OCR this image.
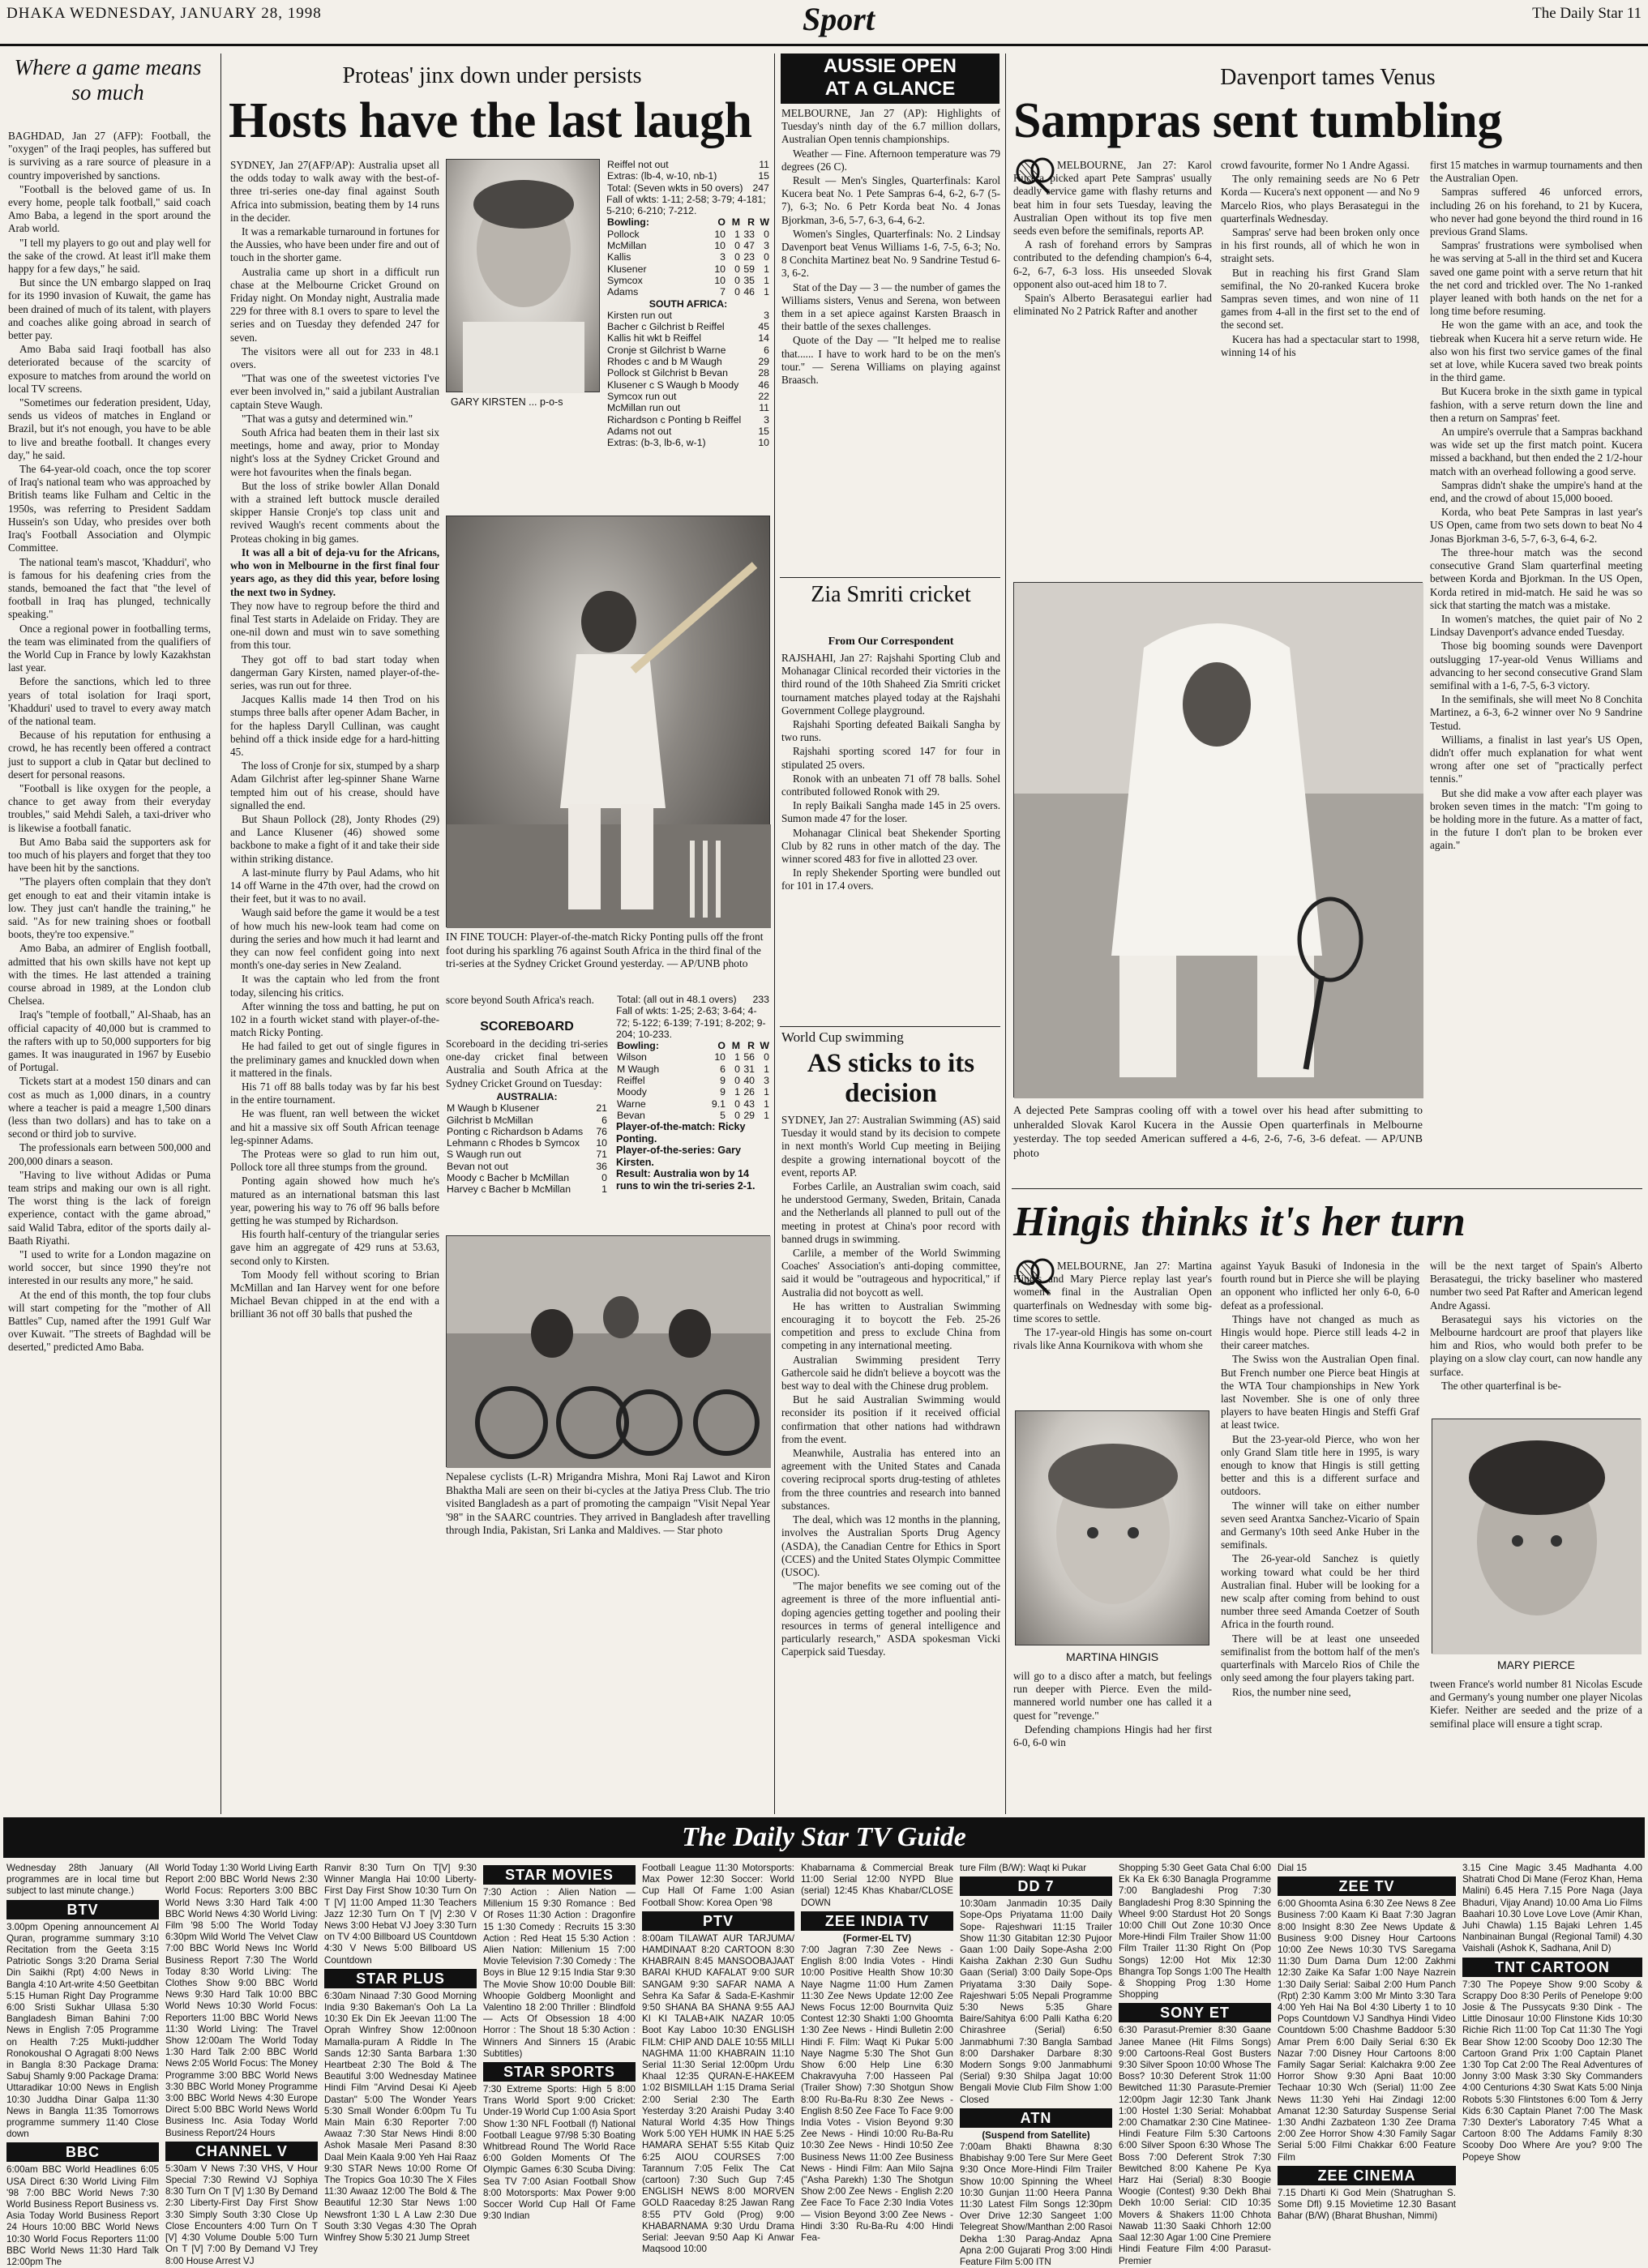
DHAKA WEDNESDAY, JANUARY 28, 1998	Sport	The Daily Star 11
Where a game means so much

BAGHDAD, Jan 27 (AFP): Football, the "oxygen" of the Iraqi peoples, has suffered but is surviving as a rare source of pleasure in a country impoverished by sanctions.

"Football is the beloved game of us. In every home, people talk football," said coach Amo Baba, a legend in the sport around the Arab world.

"I tell my players to go out and play well for the sake of the crowd. At least it'll make them happy for a few days," he said.

But since the UN embargo slapped on Iraq for its 1990 invasion of Kuwait, the game has been drained of much of its talent, with players and coaches alike going abroad in search of better pay.

Amo Baba said Iraqi football has also deteriorated because of the scarcity of exposure to matches from around the world on local TV screens.

"Sometimes our federation president, Uday, sends us videos of matches in England or Brazil, but it's not enough, you have to be able to live and breathe football. It changes every day," he said.

The 64-year-old coach, once the top scorer of Iraq's national team who was approached by British teams like Fulham and Celtic in the 1950s, was referring to President Saddam Hussein's son Uday, who presides over both Iraq's Football Association and Olympic Committee.

The national team's mascot, 'Khadduri', who is famous for his deafening cries from the stands, bemoaned the fact that "the level of football in Iraq has plunged, technically speaking."

Once a regional power in footballing terms, the team was eliminated from the qualifiers of the World Cup in France by lowly Kazakhstan last year.

Before the sanctions, which led to three years of total isolation for Iraqi sport, 'Khadduri' used to travel to every away match of the national team.

Because of his reputation for enthusing a crowd, he has recently been offered a contract just to support a club in Qatar but declined to desert for personal reasons.

"Football is like oxygen for the people, a chance to get away from their everyday troubles," said Mehdi Saleh, a taxi-driver who is likewise a football fanatic.

But Amo Baba said the supporters ask for too much of his players and forget that they too have been hit by the sanctions.

"The players often complain that they don't get enough to eat and their vitamin intake is low. They just can't handle the training," he said. "As for new training shoes or football boots, they're too expensive."

Amo Baba, an admirer of English football, admitted that his own skills have not kept up with the times. He last attended a training course abroad in 1989, at the London club Chelsea.

Iraq's "temple of football," Al-Shaab, has an official capacity of 40,000 but is crammed to the rafters with up to 50,000 supporters for big games. It was inaugurated in 1967 by Eusebio of Portugal.

Tickets start at a modest 150 dinars and can cost as much as 1,000 dinars, in a country where a teacher is paid a meagre 1,500 dinars (less than two dollars) and has to take on a second or third job to survive.

The professionals earn between 500,000 and 200,000 dinars a season.

"Having to live without Adidas or Puma team strips and making our own is all right. The worst thing is the lack of foreign experience, contact with the game abroad," said Walid Tabra, editor of the sports daily al-Baath Riyathi.

"I used to write for a London magazine on world soccer, but since 1990 they're not interested in our results any more," he said.

At the end of this month, the top four clubs will start competing for the "mother of All Battles" Cup, named after the 1991 Gulf War over Kuwait. "The streets of Baghdad will be deserted," predicted Amo Baba.

Proteas' jinx down under persists
Hosts have the last laugh
GARY KIRSTEN ... p-o-s

SYDNEY, Jan 27(AFP/AP): Australia upset all the odds today to walk away with the best-of-three tri-series one-day final against South Africa into submission, beating them by 14 runs in the decider.

It was a remarkable turnaround in fortunes for the Aussies, who have been under fire and out of touch in the shorter game.

Australia came up short in a difficult run chase at the Melbourne Cricket Ground on Friday night. On Monday night, Australia made 229 for three with 8.1 overs to spare to level the series and on Tuesday they defended 247 for seven.

The visitors were all out for 233 in 48.1 overs.

"That was one of the sweetest victories I've ever been involved in," said a jubilant Australian captain Steve Waugh.

"That was a gutsy and determined win."

South Africa had beaten them in their last six meetings, home and away, prior to Monday night's loss at the Sydney Cricket Ground and were hot favourites when the finals began.

But the loss of strike bowler Allan Donald with a strained left buttock muscle derailed skipper Hansie Cronje's top class unit and revived Waugh's recent comments about the Proteas choking in big games.

It was all a bit of deja-vu for the Africans, who won in Melbourne in the first final four years ago, as they did this year, before losing the next two in Sydney.

They now have to regroup before the third and final Test starts in Adelaide on Friday. They are one-nil down and must win to save something from this tour.

They got off to bad start today when dangerman Gary Kirsten, named player-of-the-series, was run out for three.

Jacques Kallis made 14 then Trod on his stumps three balls after opener Adam Bacher, in for the hapless Daryll Cullinan, was caught behind off a thick inside edge for a hard-hitting 45.

The loss of Cronje for six, stumped by a sharp Adam Gilchrist after leg-spinner Shane Warne tempted him out of his crease, should have signalled the end.

But Shaun Pollock (28), Jonty Rhodes (29) and Lance Klusener (46) showed some backbone to make a fight of it and take their side within striking distance.

A last-minute flurry by Paul Adams, who hit 14 off Warne in the 47th over, had the crowd on their feet, but it was to no avail.

Waugh said before the game it would be a test of how much his new-look team had come on during the series and how much it had learnt and they can now feel confident going into next month's one-day series in New Zealand.

It was the captain who led from the front today, silencing his critics.

After winning the toss and batting, he put on 102 in a fourth wicket stand with player-of-the-match Ricky Ponting.

He had failed to get out of single figures in the preliminary games and knuckled down when it mattered in the finals.

His 71 off 88 balls today was by far his best in the entire tournament.

He was fluent, ran well between the wicket and hit a massive six off South African teenage leg-spinner Adams.

The Proteas were so glad to run him out, Pollock tore all three stumps from the ground.

Ponting again showed how much he's matured as an international batsman this last year, powering his way to 76 off 96 balls before getting he was stumped by Richardson.

His fourth half-century of the triangular series gave him an aggregate of 429 runs at 53.63, second only to Kirsten.

Tom Moody fell without scoring to Brian McMillan and Ian Harvey went for one before Michael Bevan chipped in at the end with a brilliant 36 not off 30 balls that pushed the

Reiffel not out	11
Extras: (lb-4, w-10, nb-1)	15
Total: (Seven wkts in 50 overs)	247
Fall of wkts: 1-11; 2-58; 3-79; 4-181; 5-210; 6-210; 7-212.
Bowling:	O	M	R	W
Pollock	10	1	33	0
McMillan	10	0	47	3
Kallis	3	0	23	0
Klusener	10	0	59	1
Symcox	10	0	35	1
Adams	7	0	46	1
SOUTH AFRICA:
Kirsten run out	3
Bacher c Gilchrist b Reiffel	45
Kallis hit wkt b Reiffel	14
Cronje st Gilchrist b Warne	6
Rhodes c and b M Waugh	29
Pollock st Gilchrist b Bevan	28
Klusener c S Waugh b Moody	46
Symcox run out	22
McMillan run out	11
Richardson c Ponting b Reiffel	3
Adams not out	15
Extras: (b-3, lb-6, w-1)	10
IN FINE TOUCH: Player-of-the-match Ricky Ponting pulls off the front foot during his sparkling 76 against South Africa in the third final of the tri-series at the Sydney Cricket Ground yesterday. — AP/UNB photo

score beyond South Africa's reach.

SCOREBOARD
Scoreboard in the deciding tri-series one-day cricket final between Australia and South Africa at the Sydney Cricket Ground on Tuesday:
AUSTRALIA:
M Waugh b Klusener	21
Gilchrist b McMillan	6
Ponting c Richardson b Adams	76
Lehmann c Rhodes b Symcox	10
S Waugh run out	71
Bevan not out	36
Moody c Bacher b McMillan	0
Harvey c Bacher b McMillan	1
Total: (all out in 48.1 overs)	233
Fall of wkts: 1-25; 2-63; 3-64; 4-72; 5-122; 6-139; 7-191; 8-202; 9-204; 10-233.
Bowling:	O	M	R	W
Wilson	10	1	56	0
M Waugh	6	0	31	1
Reiffel	9	0	40	3
Moody	9	1	26	1
Warne	9.1	0	43	1
Bevan	5	0	29	1
Player-of-the-match: Ricky Ponting.
Player-of-the-series: Gary Kirsten.
Result: Australia won by 14 runs to win the tri-series 2-1.
Nepalese cyclists (L-R) Mrigandra Mishra, Moni Raj Lawot and Kiron Bhaktha Mali are seen on their bi-cycles at the Jatiya Press Club. The trio visited Bangladesh as a part of promoting the campaign "Visit Nepal Year '98" in the SAARC countries. They arrived in Bangladesh after travelling through India, Pakistan, Sri Lanka and Maldives. — Star photo
AUSSIE OPEN
AT A GLANCE

MELBOURNE, Jan 27 (AP): Highlights of Tuesday's ninth day of the 6.7 million dollars, Australian Open tennis championships.

Weather — Fine. Afternoon temperature was 79 degrees (26 C).

Result — Men's Singles, Quarterfinals: Karol Kucera beat No. 1 Pete Sampras 6-4, 6-2, 6-7 (5-7), 6-3; No. 6 Petr Korda beat No. 4 Jonas Bjorkman, 3-6, 5-7, 6-3, 6-4, 6-2.

Women's Singles, Quarterfinals: No. 2 Lindsay Davenport beat Venus Williams 1-6, 7-5, 6-3; No. 8 Conchita Martinez beat No. 9 Sandrine Testud 6-3, 6-2.

Stat of the Day — 3 — the number of games the Williams sisters, Venus and Serena, won between them in a set apiece against Karsten Braasch in their battle of the sexes challenges.

Quote of the Day — "It helped me to realise that...... I have to work hard to be on the men's tour." — Serena Williams on playing against Braasch.

Zia Smriti cricket
From Our Correspondent

RAJSHAHI, Jan 27: Rajshahi Sporting Club and Mohanagar Clinical recorded their victories in the third round of the 10th Shaheed Zia Smriti cricket tournament matches played today at the Rajshahi Government College playground.

Rajshahi Sporting defeated Baikali Sangha by two runs.

Rajshahi sporting scored 147 for four in stipulated 25 overs.

Ronok with an unbeaten 71 off 78 balls. Sohel contributed followed Ronok with 29.

In reply Baikali Sangha made 145 in 25 overs. Sumon made 47 for the loser.

Mohanagar Clinical beat Shekender Sporting Club by 82 runs in other match of the day. The winner scored 483 for five in allotted 23 over.

In reply Shekender Sporting were bundled out for 101 in 17.4 overs.

World Cup swimming
AS sticks to its decision

SYDNEY, Jan 27: Australian Swimming (AS) said Tuesday it would stand by its decision to compete in next month's World Cup meeting in Beijing despite a growing international boycott of the event, reports AP.

Forbes Carlile, an Australian swim coach, said he understood Germany, Sweden, Britain, Canada and the Netherlands all planned to pull out of the meeting in protest at China's poor record with banned drugs in swimming.

Carlile, a member of the World Swimming Coaches' Association's anti-doping committee, said it would be "outrageous and hypocritical," if Australia did not boycott as well.

He has written to Australian Swimming encouraging it to boycott the Feb. 25-26 competition and press to exclude China from competing in any international meeting.

Australian Swimming president Terry Gathercole said he didn't believe a boycott was the best way to deal with the Chinese drug problem.

But he said Australian Swimming would reconsider its position if it received official confirmation that other nations had withdrawn from the event.

Meanwhile, Australia has entered into an agreement with the United States and Canada covering reciprocal sports drug-testing of athletes from the three countries and research into banned substances.

The deal, which was 12 months in the planning, involves the Australian Sports Drug Agency (ASDA), the Canadian Centre for Ethics in Sport (CCES) and the United States Olympic Committee (USOC).

"The major benefits we see coming out of the agreement is three of the more influential anti-doping agencies getting together and pooling their resources in terms of general intelligence and particularly research," ASDA spokesman Vicki Caperpick said Tuesday.

Davenport tames Venus
Sampras sent tumbling

MELBOURNE, Jan 27: Karol Kucera picked apart Pete Sampras' usually deadly service game with flashy returns and beat him in four sets Tuesday, leaving the Australian Open without its top five men seeds even before the semifinals, reports AP.

A rash of forehand errors by Sampras contributed to the defending champion's 6-4, 6-2, 6-7, 6-3 loss. His unseeded Slovak opponent also out-aced him 18 to 7.

Spain's Alberto Berasategui earlier had eliminated No 2 Patrick Rafter and another

crowd favourite, former No 1 Andre Agassi.

The only remaining seeds are No 6 Petr Korda — Kucera's next opponent — and No 9 Marcelo Rios, who plays Berasategui in the quarterfinals Wednesday.

Sampras' serve had been broken only once in his first rounds, all of which he won in straight sets.

But in reaching his first Grand Slam semifinal, the No 20-ranked Kucera broke Sampras seven times, and won nine of 11 games from 4-all in the first set to the end of the second set.

Kucera has had a spectacular start to 1998, winning 14 of his

first 15 matches in warmup tournaments and then the Australian Open.

Sampras suffered 46 unforced errors, including 26 on his forehand, to 21 by Kucera, who never had gone beyond the third round in 16 previous Grand Slams.

Sampras' frustrations were symbolised when he was serving at 5-all in the third set and Kucera saved one game point with a serve return that hit the net cord and trickled over. The No 1-ranked player leaned with both hands on the net for a long time before resuming.

He won the game with an ace, and took the tiebreak when Kucera hit a serve return wide. He also won his first two service games of the final set at love, while Kucera saved two break points in the third game.

But Kucera broke in the sixth game in typical fashion, with a serve return down the line and then a return on Sampras' feet.

An umpire's overrule that a Sampras backhand was wide set up the first match point. Kucera missed a backhand, but then ended the 2 1/2-hour match with an overhead following a good serve.

Sampras didn't shake the umpire's hand at the end, and the crowd of about 15,000 booed.

Korda, who beat Pete Sampras in last year's US Open, came from two sets down to beat No 4 Jonas Bjorkman 3-6, 5-7, 6-3, 6-4, 6-2.

The three-hour match was the second consecutive Grand Slam quarterfinal meeting between Korda and Bjorkman. In the US Open, Korda retired in mid-match. He said he was so sick that starting the match was a mistake.

In women's matches, the quiet pair of No 2 Lindsay Davenport's advance ended Tuesday.

Those big booming sounds were Davenport outslugging 17-year-old Venus Williams and advancing to her second consecutive Grand Slam semifinal with a 1-6, 7-5, 6-3 victory.

In the semifinals, she will meet No 8 Conchita Martinez, a 6-3, 6-2 winner over No 9 Sandrine Testud.

Williams, a finalist in last year's US Open, didn't offer much explanation for what went wrong after one set of "practically perfect tennis."

But she did make a vow after each player was broken seven times in the match: "I'm going to be holding more in the future. As a matter of fact, in the future I don't plan to be broken ever again."

A dejected Pete Sampras cooling off with a towel over his head after submitting to unheralded Slovak Karol Kucera in the Aussie Open quarterfinals in Melbourne yesterday. The top seeded American suffered a 4-6, 2-6, 7-6, 3-6 defeat. — AP/UNB photo
Hingis thinks it's her turn

MELBOURNE, Jan 27: Martina Hingis and Mary Pierce replay last year's women's final in the Australian Open quarterfinals on Wednesday with some big-time scores to settle.

The 17-year-old Hingis has some on-court rivals like Anna Kournikova with whom she

MARTINA HINGIS

will go to a disco after a match, but feelings run deeper with Pierce. Even the mild-mannered world number one has called it a quest for "revenge."

Defending champions Hingis had her first 6-0, 6-0 win

against Yayuk Basuki of Indonesia in the fourth round but in Pierce she will be playing an opponent who inflicted her only 6-0, 6-0 defeat as a professional.

Things have not changed as much as Hingis would hope. Pierce still leads 4-2 in their career matches.

The Swiss won the Australian Open final. But French number one Pierce beat Hingis at the WTA Tour championships in New York last November. She is one of only three players to have beaten Hingis and Steffi Graf at least twice.

But the 23-year-old Pierce, who won her only Grand Slam title here in 1995, is wary enough to know that Hingis is still getting better and this is a different surface and outdoors.

The winner will take on either number seven seed Arantxa Sanchez-Vicario of Spain and Germany's 10th seed Anke Huber in the semifinals.

The 26-year-old Sanchez is quietly working toward what could be her third Australian final. Huber will be looking for a new scalp after coming from behind to oust number three seed Amanda Coetzer of South Africa in the fourth round.

There will be at least one unseeded semifinalist from the bottom half of the men's quarterfinals with Marcelo Rios of Chile the only seed among the four players taking part.

Rios, the number nine seed,

will be the next target of Spain's Alberto Berasategui, the tricky baseliner who mastered number two seed Pat Rafter and American legend Andre Agassi.

Berasategui says his victories on the Melbourne hardcourt are proof that players like him and Rios, who would both prefer to be playing on a slow clay court, can now handle any surface.

The other quarterfinal is be-

MARY PIERCE

tween France's world number 81 Nicolas Escude and Germany's young number one player Nicolas Kiefer. Neither are seeded and the prize of a semifinal place will ensure a tight scrap.

The Daily Star TV Guide
Wednesday 28th January (All programmes are in local time but subject to last minute change.)
BTV
3.00pm Opening announcement Al Quran, programme summary 3:10 Recitation from the Geeta 3:15 Patriotic Songs 3:20 Drama Serial Din Saikhi (Rpt) 4:00 News in Bangla 4:10 Art-write 4:50 Geetbitan 5:15 Human Right Day Programme 6:00 Sristi Sukhar Ullasa 5:30 Bangladesh Biman Bahini 7:00 News in English 7:05 Programme on Health 7:25 Mukti-juddher Ronokoushal O Agragati 8:00 News in Bangla 8:30 Package Drama: Sabuj Shamly 9:00 Package Drama: Uttaradikar 10:00 News in English 10:30 Juddha Dinar Galpa 11:30 News in Bangla 11:35 Tomorrows programme summery 11:40 Close down
BBC
6:00am BBC World Headlines 6:05 USA Direct 6:30 World Living Film '98 7:00 BBC World News 7:30 World Business Report Business vs. Asia Today World Business Report 24 Hours 10:00 BBC World News 10:30 World Focus Reporters 11:00 BBC World News 11:30 Hard Talk 12:00pm The
World Today 1:30 World Living Earth Report 2:00 BBC World News 2:30 World Focus: Reporters 3:00 BBC World News 3:30 Hard Talk 4:00 BBC World News 4:30 World Living: Film '98 5:00 The World Today 6:30pm Wild World The Velvet Claw 7:00 BBC World News Inc World Business Report 7:30 The World Today 8:30 World Living: The Clothes Show 9:00 BBC World News 9:30 Hard Talk 10:00 BBC World News 10:30 World Focus: Reporters 11:00 BBC World News 11:30 World Living: The Travel Show 12:00am The World Today 1:30 Hard Talk 2:00 BBC World News 2:05 World Focus: The Money Programme 3:00 BBC World News 3:30 BBC World Money Programme 3:00 BBC World News 4:30 Europe Direct 5:00 BBC World News World Business Inc. Asia Today World Business Report/24 Hours
CHANNEL V
5:30am V News 7:30 VHS, V Hour Special 7:30 Rewind VJ Sophiya 8:30 Turn On T [V] 1:30 By Demand 2:30 Liberty-First Day First Show 3:30 Simply South 3:30 Close Up Close Encounters 4:00 Turn On T [V] 4:30 Volume Double 5:00 Turn On T [V] 7:00 By Demand VJ Trey 8:00 House Arrest VJ
Ranvir 8:30 Turn On T[V] 9:30 Winner Mangla Hai 10:00 Liberty-First Day First Show 10:30 Turn On T [V] 11:00 Amped 11:30 Teachers Jazz 12:30 Turn On T [V] 2:30 V News 3:00 Hebat VJ Joey 3:30 Turn on TV 4:00 Billboard US Countdown 4:30 V News 5:00 Billboard US Countdown
STAR PLUS
6:30am Ninaad 7:30 Good Morning India 9:30 Bakeman's Ooh La La 10:30 Ek Din Ek Jeevan 11:00 The Oprah Winfrey Show 12:00noon Mamalla-puram A Riddle In The Sands 12:30 Santa Barbara 1:30 Heartbeat 2:30 The Bold & The Beautiful 3:00 Wednesday Matinee Hindi Film "Arvind Desai Ki Ajeeb Dastan" 5:00 The Wonder Years 5:30 Small Wonder 6:00pm Tu Tu Main Main 6:30 Reporter 7:00 Awaaz 7:30 Star News Hindi 8:00 Ashok Masale Meri Pasand 8:30 Daal Mein Kaala 9:00 Yeh Hai Raaz 9:30 STAR News 10:00 Rome Of The Tropics Goa 10:30 The X Files 11:30 Awaaz 12:00 The Bold & The Beautiful 12:30 Star News 1:00 Newsfront 1:30 L A Law 2:30 Due South 3:30 Vegas 4:30 The Oprah Winfrey Show 5:30 21 Jump Street
STAR MOVIES
7:30 Action : Alien Nation — Millenium 15 9:30 Romance : Bed Of Roses 11:30 Action : Dragonfire 15 1:30 Comedy : Recruits 15 3:30 Action : Red Heat 15 5:30 Action : Alien Nation: Millenium 15 7:00 Movie Television 7:30 Comedy : The Boys in Blue 12 9:15 India Star 9:30 The Movie Show 10:00 Double Bill: Whoopie Goldberg Moonlight and Valentino 18 2:00 Thriller : Blindfold — Acts Of Obsession 18 4:00 Horror : The Shout 18 5:30 Action : Winners And Sinners 15 (Arabic Subtitles)
STAR SPORTS
7:30 Extreme Sports: High 5 8:00 Trans World Sport 9:00 Cricket: Under-19 World Cup 1:00 Asia Sport Show 1:30 NFL Football (f) National Football League 97/98 5:30 Boating Whitbread Round The World Race 6:00 Golden Moments Of The Olympic Games 6:30 Scuba Diving: Sea TV 7:00 Asian Football Show 8:00 Motorsports: Max Power 9:00 Soccer World Cup Hall Of Fame 9:30 Indian
Football League 11:30 Motorsports: Max Power 12:30 Soccer: World Cup Hall Of Fame 1:00 Asian Football Show: Korea Open '98
PTV
8:00am TILAWAT AUR TARJUMA/ HAMDINAAT 8:20 CARTOON 8:30 KHABRAIN 8:45 MANSOOBAJAAT BARAI KHUD KAFALAT 9:00 SUR SANGAM 9:30 SAFAR NAMA A Sehra Ka Safar & Sada-E-Kashmir 9:50 SHANA BA SHANA 9:55 AAJ KI KI TALAB+AIK NAZAR 10:05 Boot Kay Laboo 10:30 ENGLISH FILM: CHIP AND DALE 10:55 MILLI NAGHMA 11:00 KHABRAIN 11:10 Serial 11:30 Serial 12:00pm Urdu Khaal 12:35 QURAN-E-HAKEEM 1:02 BISMILLAH 1:15 Drama Serial 2:00 Serial 2:30 The Earth Yesterday 3:20 Araishi Puday 3:40 Natural World 4:35 How Things Work 5:00 YEH HUMK IN HAE 5:25 HAMARA SEHAT 5:55 Kitab Quiz 6:25 AIOU COURSES 7:00 Tarannum 7:05 Felix The Cat (cartoon) 7:30 Such Gup 7:45 ENGLISH NEWS 8:00 MORVEN GOLD Raaceday 8:25 Jawan Rang 8:55 PTV Gold (Prog) 9:00 KHABARNAMA 9:30 Urdu Drama Serial: Jeevan 9:50 Aap Ki Anwar Maqsood 10:00
Khabarnama & Commercial Break 11:00 Serial 12:00 NYPD Blue (serial) 12:45 Khas Khabar/CLOSE DOWN
ZEE INDIA TV
(Former-EL TV)
7:00 Jagran 7:30 Zee News - English 8:00 India Votes - Hindi 10:00 Positive Health Show 10:30 Naye Nagme 11:00 Hum Zamen 11:30 Zee News Update 12:00 Zee News Focus 12:00 Bournvita Quiz Contest 12:30 Shakti 1:00 Ghoomta 1:30 Zee News - Hindi Bulletin 2:00 Hindi F. Film: Waqt Ki Pukar 5:00 Naye Nagme 5:30 The Shot Gun Show 6:00 Help Line 6:30 Chakravyuha 7:00 Hasseen Pal (Trailer Show) 7:30 Shotgun Show 8:00 Ru-Ba-Ru 8:30 Zee News - English 8:50 Zee Face To Face 9:00 India Votes - Vision Beyond 9:30 Zee News - Hindi 10:00 Ru-Ba-Ru 10:30 Zee News - Hindi 10:50 Zee Business News 11:00 Zee Business News - Hindi Film: Aan Milo Sajna ("Asha Parekh) 1:30 The Shotgun Show 2:00 Zee News - English 2:20 Zee Face To Face 2:30 India Votes — Vision Beyond 3:00 Zee News - Hindi 3:30 Ru-Ba-Ru 4:00 Hindi Fea-
ture Film (B/W): Waqt ki Pukar
DD 7
10:30am Janmadin 10:35 Daily Sope-Ops Priyatama 11:00 Daily Sope- Rajeshwari 11:15 Trailer Show 11:30 Gitabitan 12:30 Pujoor Gaan 1:00 Daily Sope-Asha 2:00 Kaisha Zakhan 2:30 Gun Sudhu Gaan (Serial) 3:00 Daily Sope-Ops Priyatama 3:30 Daily Sope-Rajeshwari 5:05 Nepali Programme 5:30 News 5:35 Ghare Baire/Sahitya 6:00 Palli Katha 6:20 Chirashree (Serial) 6:50 Janmabhumi 7:30 Bangla Sambad 8:00 Darshaker Darbare 8:30 Modern Songs 9:00 Janmabhumi (Serial) 9:30 Shilpa Jagat 10:00 Bengali Movie Club Film Show 1:00 Closed
ATN
(Suspend from Satellite)
7:00am Bhakti Bhawna 8:30 Bhabishay 9:00 Tere Sur Mere Geet 9:30 Once More-Hindi Film Trailer Show 10:00 Spinning the Wheel 10:30 Gunjan 11:00 Heera Panna 11:30 Latest Film Songs 12:30pm Over Drive 12:30 Sangeet 1:00 Telegreat Show/Manthan 2:00 Rasoi Dekha 1:30 Parag-Andaz Apna Apna 2:00 Gujarati Prog 3:00 Hindi Feature Film 5:00 ITN
Shopping 5:30 Geet Gata Chal 6:00 Ek Ka Ek 6:30 Banagla Programme 7:00 Bangladeshi Prog 7:30 Bangladeshi Prog 8:30 Spinning the Wheel 9:00 Stardust Hot 20 Songs 10:00 Chill Out Zone 10:30 Once More-Hindi Film Trailer Show 11:00 Film Trailer 11:30 Right On (Pop Songs) 12:00 Hot Mix 12:30 Bhangra Top Songs 1:00 The Health & Shopping Prog 1:30 Home Shopping
SONY ET
6:30 Parasut-Premier 8:30 Gaane Janee Manee (Hit Films Songs) 9:00 Cartoons-Real Gost Busters 9:30 Silver Spoon 10:00 Whose The Boss? 10:30 Deferent Strok 11:00 Bewitched 11:30 Parasute-Premier 12:00pm Jagir 12:30 Tank Jhank 1:00 Hostel 1:30 Serial: Mohabbat 2:00 Chamatkar 2:30 Cine Matinee-Hindi Feature Film 5:30 Cartoons 6:00 Silver Spoon 6:30 Whose The Boss 7:00 Deferent Strok 7:30 Bewitched 8:00 Kahene Pe Kya Harz Hai (Serial) 8:30 Boogie Woogie (Contest) 9:30 Dekh Bhai Dekh 10:00 Serial: CID 10:35 Movers & Shakers 11:00 Chhota Nawab 11:30 Saaki Chhorh 12:00 Saal 12:30 Agar 1:00 Cine Premiere Hindi Feature Film 4:00 Parasut-Premier
Dial 15
ZEE TV
6:00 Ghoomta Asina 6:30 Zee News 8 Zee Business 7:00 Kaam Ki Baat 7:30 Jagran 8:00 Insight 8:30 Zee News Update & Business 9:00 Disney Hour Cartoons 10:00 Zee News 10:30 TVS Saregama 11:30 Dum Dama Dum 12:00 Zakhmi 12:30 Zaike Ka Safar 1:00 Naye Nazrein 1:30 Daily Serial: Saibal 2:00 Hum Panch (Rpt) 2:30 Kamm 3:00 Mr Minto 3:30 Tara 4:00 Yeh Hai Na Bol 4:30 Liberty 1 to 10 Pops Countdown VJ Sandhya Hindi Video Countdown 5:00 Chashme Baddoor 5:30 Amar Prem 6:00 Daily Serial 6:30 Ek Nazar 7:00 Disney Hour Cartoons 8:00 Family Sagar Serial: Kalchakra 9:00 Zee Horror Show 9:30 Apni Baat 10:00 Techaar 10:30 Wch (Serial) 11:00 Zee News 11:30 Yehi Hai Zindagi 12:00 Amanat 12:30 Saturday Suspense Serial 1:30 Andhi Zazbateon 1:30 Zee Drama 2:00 Zee Horror Show 4:30 Family Sagar Serial 5:00 Filmi Chakkar 6:00 Feature Film
ZEE CINEMA
7.15 Dharti Ki God Mein (Shatrughan S. Some Dfl) 9.15 Movietime 12.30 Basant Bahar (B/W) (Bharat Bhushan, Nimmi)
3.15 Cine Magic 3.45 Madhanta 4.00 Shatrati Chod Di Mane (Feroz Khan, Hema Malini) 6.45 Hera 7.15 Pore Naga (Jaya Bhaduri, Vijay Anand) 10.00 Ama Lio Films Baahari 10.30 Love Love Love (Amir Khan, Juhi Chawla) 1.15 Bajaki Lehren 1.45 Nanbinainan Bungal (Regional Tamil) 4.30 Vaishali (Ashok K, Sadhana, Anil D)
TNT CARTOON
7:30 The Popeye Show 9:00 Scoby & Scrappy Doo 8:30 Perils of Penelope 9:00 Josie & The Pussycats 9:30 Dink - The Little Dinosaur 10:00 Flinstone Kids 10:30 Richie Rich 11:00 Top Cat 11:30 The Yogi Bear Show 12:00 Scooby Doo 12:30 The Cartoon Grand Prix 1:00 Captain Planet 1:30 Top Cat 2:00 The Real Adventures of Jonny 3:00 Mask 3:30 Sky Commanders 4:00 Centurions 4:30 Swat Kats 5:00 Ninja Robots 5:30 Flintstones 6:00 Tom & Jerry Kids 6:30 Captain Planet 7:00 The Mask 7:30 Dexter's Laboratory 7:45 What a Cartoon 8:00 The Addams Family 8:30 Scooby Doo Where Are you? 9:00 The Popeye Show
